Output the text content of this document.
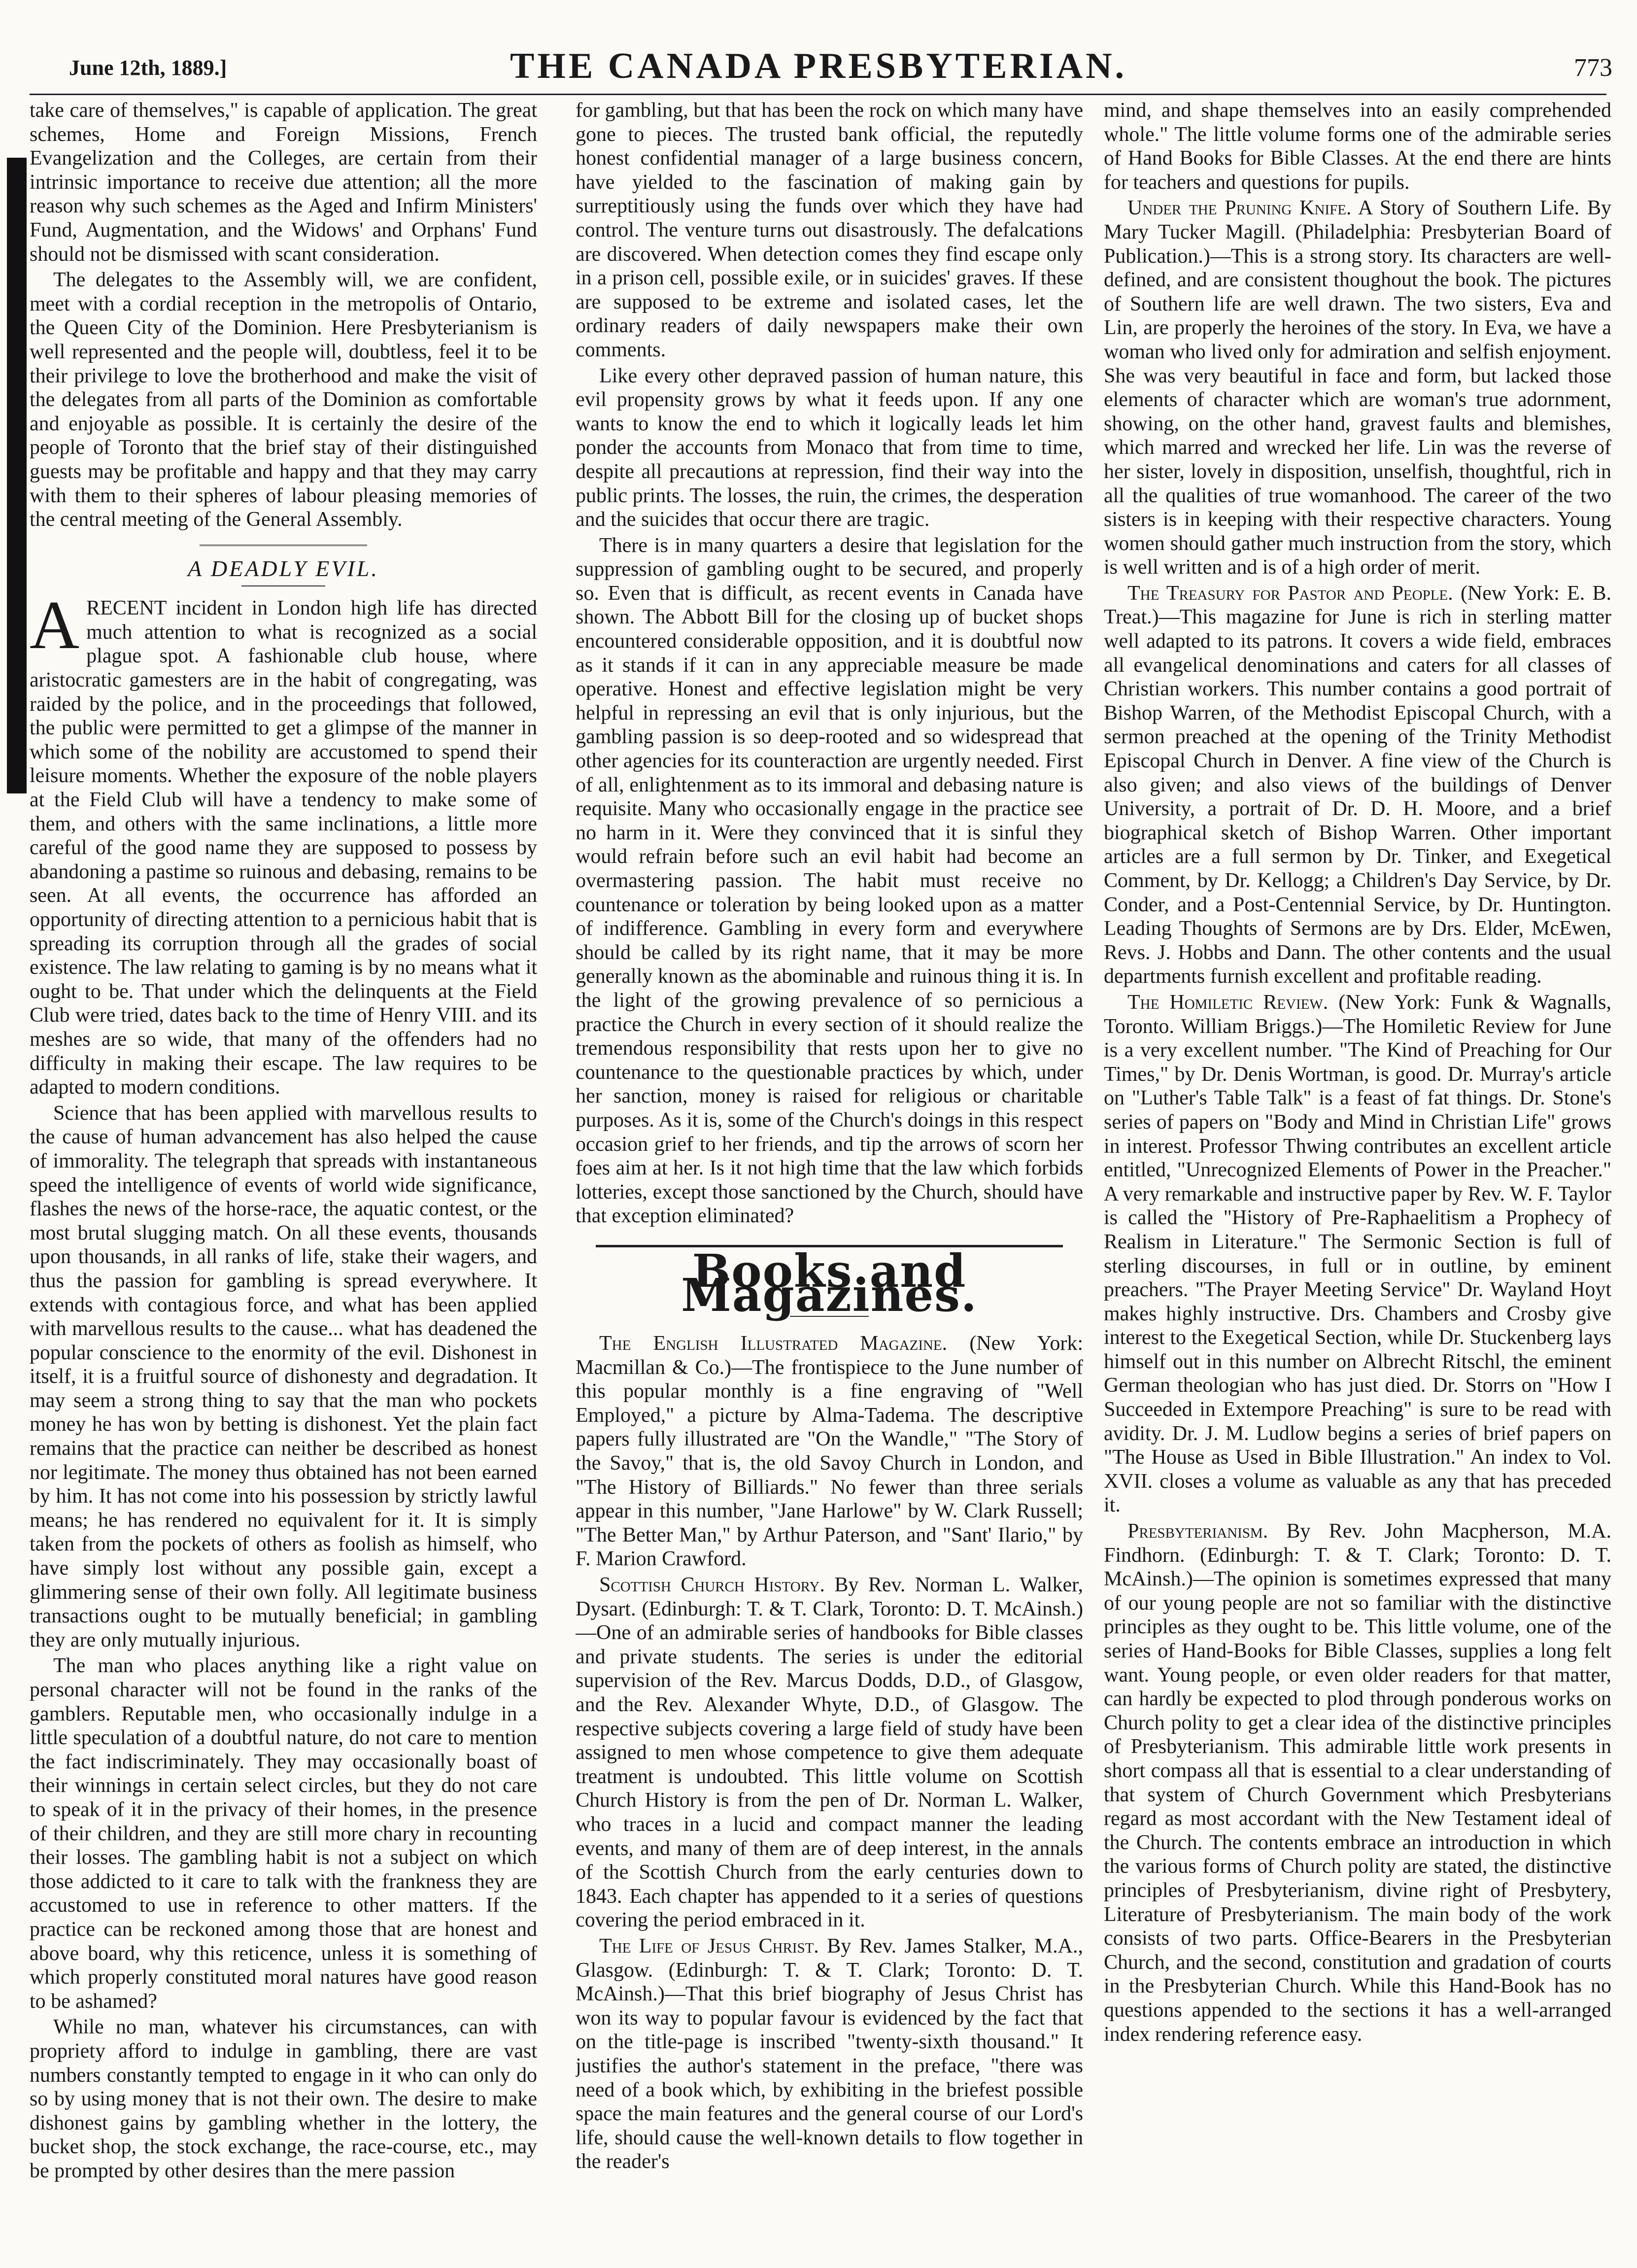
June 12th, 1889.]	THE CANADA PRESBYTERIAN.	773

take care of themselves," is capable of application. The great schemes, Home and Foreign Missions, French Evangelization and the Colleges, are certain from their intrinsic importance to receive due attention; all the more reason why such schemes as the Aged and Infirm Ministers' Fund, Augmentation, and the Widows' and Orphans' Fund should not be dismissed with scant consideration.

The delegates to the Assembly will, we are confident, meet with a cordial reception in the metropolis of Ontario, the Queen City of the Dominion. Here Presbyterianism is well represented and the people will, doubtless, feel it to be their privilege to love the brotherhood and make the visit of the delegates from all parts of the Dominion as comfortable and enjoyable as possible. It is certainly the desire of the people of Toronto that the brief stay of their distinguished guests may be profitable and happy and that they may carry with them to their spheres of labour pleasing memories of the central meeting of the General Assembly.

A DEADLY EVIL.

ARECENT incident in London high life has directed much attention to what is recognized as a social plague spot. A fashionable club house, where aristocratic gamesters are in the habit of congregating, was raided by the police, and in the proceedings that followed, the public were permitted to get a glimpse of the manner in which some of the nobility are accustomed to spend their leisure moments. Whether the exposure of the noble players at the Field Club will have a tendency to make some of them, and others with the same inclinations, a little more careful of the good name they are supposed to possess by abandoning a pastime so ruinous and debasing, remains to be seen. At all events, the occurrence has afforded an opportunity of directing attention to a pernicious habit that is spreading its corruption through all the grades of social existence. The law relating to gaming is by no means what it ought to be. That under which the delinquents at the Field Club were tried, dates back to the time of Henry VIII. and its meshes are so wide, that many of the offenders had no difficulty in making their escape. The law requires to be adapted to modern conditions.

Science that has been applied with marvellous results to the cause of human advancement has also helped the cause of immorality. The telegraph that spreads with instantaneous speed the intelligence of events of world wide significance, flashes the news of the horse-race, the aquatic contest, or the most brutal slugging match. On all these events, thousands upon thousands, in all ranks of life, stake their wagers, and thus the passion for gambling is spread everywhere. It extends with contagious force, and what has been applied with marvellous results to the cause... what has deadened the popular conscience to the enormity of the evil. Dishonest in itself, it is a fruitful source of dishonesty and degradation. It may seem a strong thing to say that the man who pockets money he has won by betting is dishonest. Yet the plain fact remains that the practice can neither be described as honest nor legitimate. The money thus obtained has not been earned by him. It has not come into his possession by strictly lawful means; he has rendered no equivalent for it. It is simply taken from the pockets of others as foolish as himself, who have simply lost without any possible gain, except a glimmering sense of their own folly. All legitimate business transactions ought to be mutually beneficial; in gambling they are only mutually injurious.

The man who places anything like a right value on personal character will not be found in the ranks of the gamblers. Reputable men, who occasionally indulge in a little speculation of a doubtful nature, do not care to mention the fact indiscriminately. They may occasionally boast of their winnings in certain select circles, but they do not care to speak of it in the privacy of their homes, in the presence of their children, and they are still more chary in recounting their losses. The gambling habit is not a subject on which those addicted to it care to talk with the frankness they are accustomed to use in reference to other matters. If the practice can be reckoned among those that are honest and above board, why this reticence, unless it is something of which properly constituted moral natures have good reason to be ashamed?

While no man, whatever his circumstances, can with propriety afford to indulge in gambling, there are vast numbers constantly tempted to engage in it who can only do so by using money that is not their own. The desire to make dishonest gains by gambling whether in the lottery, the bucket shop, the stock exchange, the race-course, etc., may be prompted by other desires than the mere passion

for gambling, but that has been the rock on which many have gone to pieces. The trusted bank official, the reputedly honest confidential manager of a large business concern, have yielded to the fascination of making gain by surreptitiously using the funds over which they have had control. The venture turns out disastrously. The defalcations are discovered. When detection comes they find escape only in a prison cell, possible exile, or in suicides' graves. If these are supposed to be extreme and isolated cases, let the ordinary readers of daily newspapers make their own comments.

Like every other depraved passion of human nature, this evil propensity grows by what it feeds upon. If any one wants to know the end to which it logically leads let him ponder the accounts from Monaco that from time to time, despite all precautions at repression, find their way into the public prints. The losses, the ruin, the crimes, the desperation and the suicides that occur there are tragic.

There is in many quarters a desire that legislation for the suppression of gambling ought to be secured, and properly so. Even that is difficult, as recent events in Canada have shown. The Abbott Bill for the closing up of bucket shops encountered considerable opposition, and it is doubtful now as it stands if it can in any appreciable measure be made operative. Honest and effective legislation might be very helpful in repressing an evil that is only injurious, but the gambling passion is so deep-rooted and so widespread that other agencies for its counteraction are urgently needed. First of all, enlightenment as to its immoral and debasing nature is requisite. Many who occasionally engage in the practice see no harm in it. Were they convinced that it is sinful they would refrain before such an evil habit had become an overmastering passion. The habit must receive no countenance or toleration by being looked upon as a matter of indifference. Gambling in every form and everywhere should be called by its right name, that it may be more generally known as the abominable and ruinous thing it is. In the light of the growing prevalence of so pernicious a practice the Church in every section of it should realize the tremendous responsibility that rests upon her to give no countenance to the questionable practices by which, under her sanction, money is raised for religious or charitable purposes. As it is, some of the Church's doings in this respect occasion grief to her friends, and tip the arrows of scorn her foes aim at her. Is it not high time that the law which forbids lotteries, except those sanctioned by the Church, should have that exception eliminated?

Books and Magazines.

The English Illustrated Magazine. (New York: Macmillan & Co.)—The frontispiece to the June number of this popular monthly is a fine engraving of "Well Employed," a picture by Alma-Tadema. The descriptive papers fully illustrated are "On the Wandle," "The Story of the Savoy," that is, the old Savoy Church in London, and "The History of Billiards." No fewer than three serials appear in this number, "Jane Harlowe" by W. Clark Russell; "The Better Man," by Arthur Paterson, and "Sant' Ilario," by F. Marion Crawford.

Scottish Church History. By Rev. Norman L. Walker, Dysart. (Edinburgh: T. & T. Clark, Toronto: D. T. McAinsh.)—One of an admirable series of handbooks for Bible classes and private students. The series is under the editorial supervision of the Rev. Marcus Dodds, D.D., of Glasgow, and the Rev. Alexander Whyte, D.D., of Glasgow. The respective subjects covering a large field of study have been assigned to men whose competence to give them adequate treatment is undoubted. This little volume on Scottish Church History is from the pen of Dr. Norman L. Walker, who traces in a lucid and compact manner the leading events, and many of them are of deep interest, in the annals of the Scottish Church from the early centuries down to 1843. Each chapter has appended to it a series of questions covering the period embraced in it.

The Life of Jesus Christ. By Rev. James Stalker, M.A., Glasgow. (Edinburgh: T. & T. Clark; Toronto: D. T. McAinsh.)—That this brief biography of Jesus Christ has won its way to popular favour is evidenced by the fact that on the title-page is inscribed "twenty-sixth thousand." It justifies the author's statement in the preface, "there was need of a book which, by exhibiting in the briefest possible space the main features and the general course of our Lord's life, should cause the well-known details to flow together in the reader's

mind, and shape themselves into an easily comprehended whole." The little volume forms one of the admirable series of Hand Books for Bible Classes. At the end there are hints for teachers and questions for pupils.

Under the Pruning Knife. A Story of Southern Life. By Mary Tucker Magill. (Philadelphia: Presbyterian Board of Publication.)—This is a strong story. Its characters are well-defined, and are consistent thoughout the book. The pictures of Southern life are well drawn. The two sisters, Eva and Lin, are properly the heroines of the story. In Eva, we have a woman who lived only for admiration and selfish enjoyment. She was very beautiful in face and form, but lacked those elements of character which are woman's true adornment, showing, on the other hand, gravest faults and blemishes, which marred and wrecked her life. Lin was the reverse of her sister, lovely in disposition, unselfish, thoughtful, rich in all the qualities of true womanhood. The career of the two sisters is in keeping with their respective characters. Young women should gather much instruction from the story, which is well written and is of a high order of merit.

The Treasury for Pastor and People. (New York: E. B. Treat.)—This magazine for June is rich in sterling matter well adapted to its patrons. It covers a wide field, embraces all evangelical denominations and caters for all classes of Christian workers. This number contains a good portrait of Bishop Warren, of the Methodist Episcopal Church, with a sermon preached at the opening of the Trinity Methodist Episcopal Church in Denver. A fine view of the Church is also given; and also views of the buildings of Denver University, a portrait of Dr. D. H. Moore, and a brief biographical sketch of Bishop Warren. Other important articles are a full sermon by Dr. Tinker, and Exegetical Comment, by Dr. Kellogg; a Children's Day Service, by Dr. Conder, and a Post-Centennial Service, by Dr. Huntington. Leading Thoughts of Sermons are by Drs. Elder, McEwen, Revs. J. Hobbs and Dann. The other contents and the usual departments furnish excellent and profitable reading.

The Homiletic Review. (New York: Funk & Wagnalls, Toronto. William Briggs.)—The Homiletic Review for June is a very excellent number. "The Kind of Preaching for Our Times," by Dr. Denis Wortman, is good. Dr. Murray's article on "Luther's Table Talk" is a feast of fat things. Dr. Stone's series of papers on "Body and Mind in Christian Life" grows in interest. Professor Thwing contributes an excellent article entitled, "Unrecognized Elements of Power in the Preacher." A very remarkable and instructive paper by Rev. W. F. Taylor is called the "History of Pre-Raphaelitism a Prophecy of Realism in Literature." The Sermonic Section is full of sterling discourses, in full or in outline, by eminent preachers. "The Prayer Meeting Service" Dr. Wayland Hoyt makes highly instructive. Drs. Chambers and Crosby give interest to the Exegetical Section, while Dr. Stuckenberg lays himself out in this number on Albrecht Ritschl, the eminent German theologian who has just died. Dr. Storrs on "How I Succeeded in Extempore Preaching" is sure to be read with avidity. Dr. J. M. Ludlow begins a series of brief papers on "The House as Used in Bible Illustration." An index to Vol. XVII. closes a volume as valuable as any that has preceded it.

Presbyterianism. By Rev. John Macpherson, M.A. Findhorn. (Edinburgh: T. & T. Clark; Toronto: D. T. McAinsh.)—The opinion is sometimes expressed that many of our young people are not so familiar with the distinctive principles as they ought to be. This little volume, one of the series of Hand-Books for Bible Classes, supplies a long felt want. Young people, or even older readers for that matter, can hardly be expected to plod through ponderous works on Church polity to get a clear idea of the distinctive principles of Presbyterianism. This admirable little work presents in short compass all that is essential to a clear understanding of that system of Church Government which Presbyterians regard as most accordant with the New Testament ideal of the Church. The contents embrace an introduction in which the various forms of Church polity are stated, the distinctive principles of Presbyterianism, divine right of Presbytery, Literature of Presbyterianism. The main body of the work consists of two parts. Office-Bearers in the Presbyterian Church, and the second, constitution and gradation of courts in the Presbyterian Church. While this Hand-Book has no questions appended to the sections it has a well-arranged index rendering reference easy.
